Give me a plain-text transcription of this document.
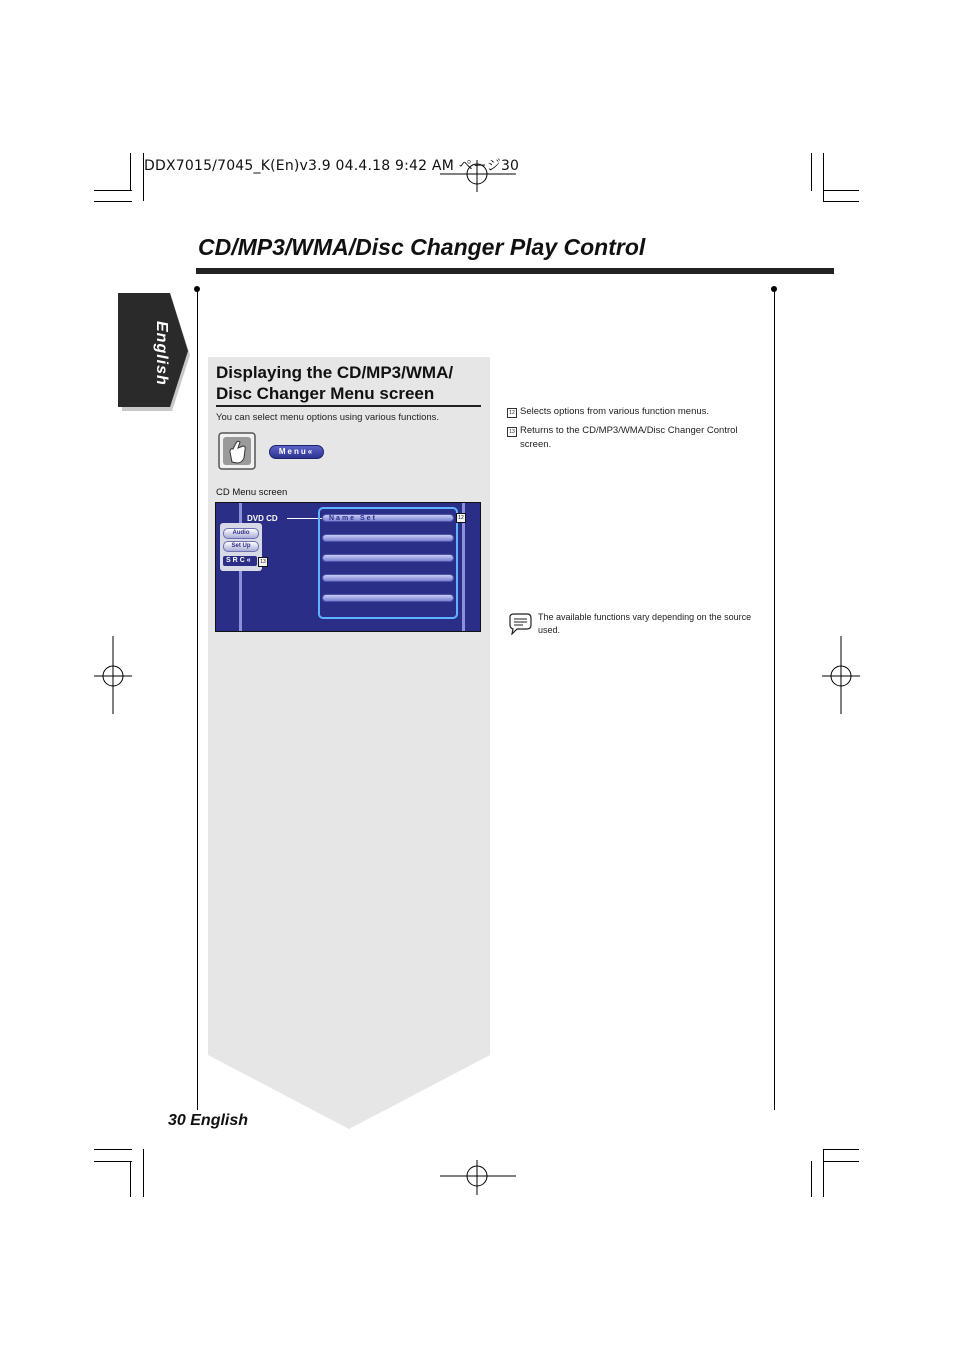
DDX7015/7045_K(En)v3.9 04.4.18 9:42 AM ページ30
CD/MP3/WMA/Disc Changer Play Control
English	Displaying the CD/MP3/WMA/ Disc Changer Menu screen
You can select menu options using various functions.
Menu«
CD Menu screen
Audio
Set Up
SRC«	13
DVD CD	Name Set	12
12 Selects options from various function menus.
13 Returns to the CD/MP3/WMA/Disc Changer Control screen.
The available functions vary depending on the source used.
30 English
